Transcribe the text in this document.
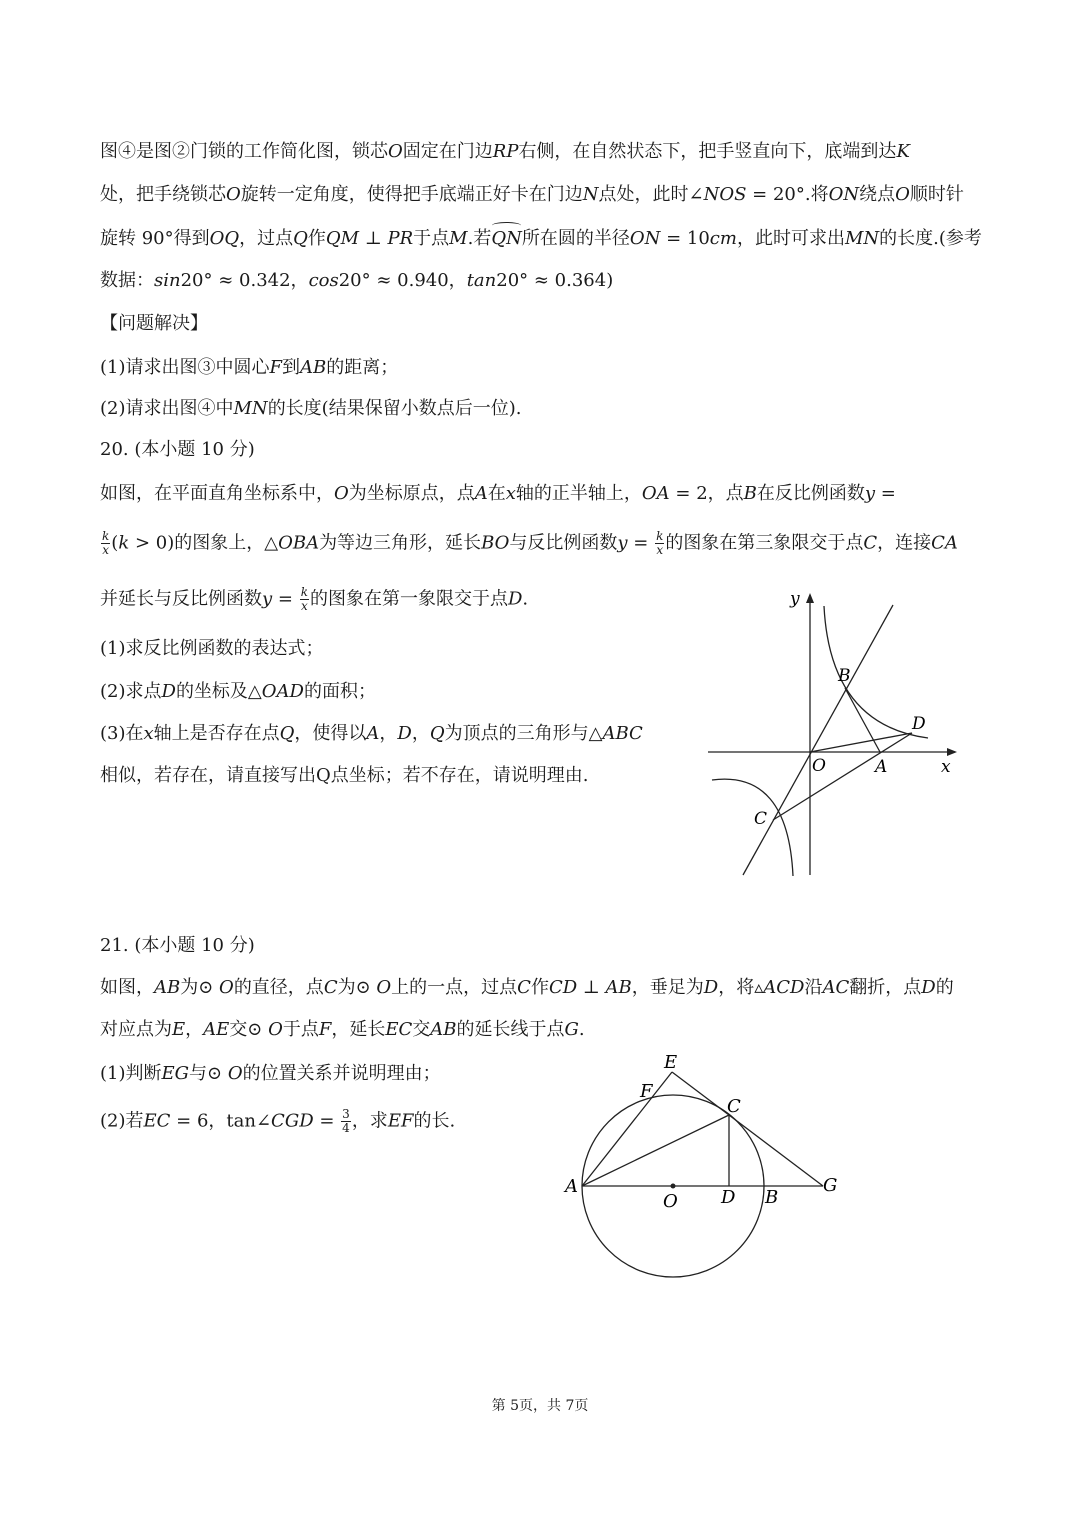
图④是图②门锁的工作简化图，锁芯O固定在门边RP右侧，在自然状态下，把手竖直向下，底端到达K
处，把手绕锁芯O旋转一定角度，使得把手底端正好卡在门边N点处，此时∠NOS = 20°.将ON绕点O顺时针
旋转 90°得到OQ，过点Q作QM ⊥ PR于点M.若QN所在圆的半径ON = 10cm，此时可求出MN的长度.(参考
数据：sin20° ≈ 0.342，cos20° ≈ 0.940，tan20° ≈ 0.364)
【问题解决】
(1)请求出图③中圆心F到AB的距离；
(2)请求出图④中MN的长度(结果保留小数点后一位).
20. (本小题 10 分)
如图，在平面直角坐标系中，O为坐标原点，点A在x轴的正半轴上，OA = 2，点B在反比例函数y =
$\frac{k}{x} (k > 0)$的图象上，△OBA为等边三角形，延长BO与反比例函数$y = \frac{k}{x}$ 的图象在第三象限交于点C，连接CA
并延长与反比例函数$y = \frac{k}{x}$ 的图象在第一象限交于点D.
(1)求反比例函数的表达式；
(2)求点D的坐标及△OAD的面积；
(3)在x轴上是否存在点Q，使得以A，D，Q为顶点的三角形与△ABC
相似，若存在，请直接写出Q点坐标；若不存在，请说明理由.
y
x
O	A
B
C
D
21. (本小题 10 分)
如图，AB为⊙ O的直径，点C为⊙ O上的一点，过点C作CD ⊥ AB，垂足为D，将▵ACD沿AC翻折，点D的
对应点为E，AE交⊙ O于点F，延长EC交AB的延长线于点G.
(1)判断EG与⊙ O的位置关系并说明理由；
(2)若EC = 6，tan∠CGD = $\frac{3}{4}$ ，求EF的长.
E
F
C
A
O D B
G
第 5页，共 7页
